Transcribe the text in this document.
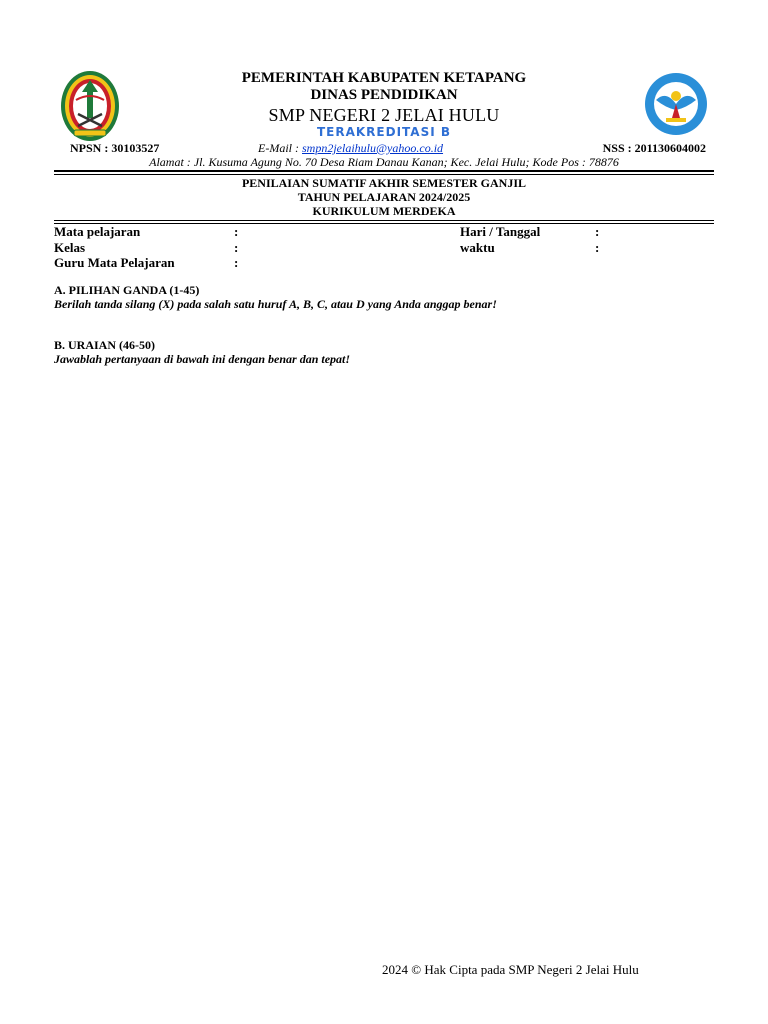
PEMERINTAH KABUPATEN KETAPANG
DINAS PENDIDIKAN
SMP NEGERI 2 JELAI HULU
TERAKREDITASI B
NPSN : 30103527	E-Mail : smpn2jelaihulu@yahoo.co.id	NSS : 201130604002
Alamat : Jl. Kusuma Agung No. 70 Desa Riam Danau Kanan; Kec. Jelai Hulu; Kode Pos : 78876
PENILAIAN SUMATIF AKHIR SEMESTER GANJIL
TAHUN PELAJARAN 2024/2025
KURIKULUM MERDEKA
Mata pelajaran	:	Hari / Tanggal	:
Kelas	:	waktu	:
Guru Mata Pelajaran	:
A. PILIHAN GANDA (1-45)
Berilah tanda silang (X) pada salah satu huruf A, B, C, atau D yang Anda anggap benar!
B. URAIAN (46-50)
Jawablah pertanyaan di bawah ini dengan benar dan tepat!
2024 © Hak Cipta pada SMP Negeri 2 Jelai Hulu
